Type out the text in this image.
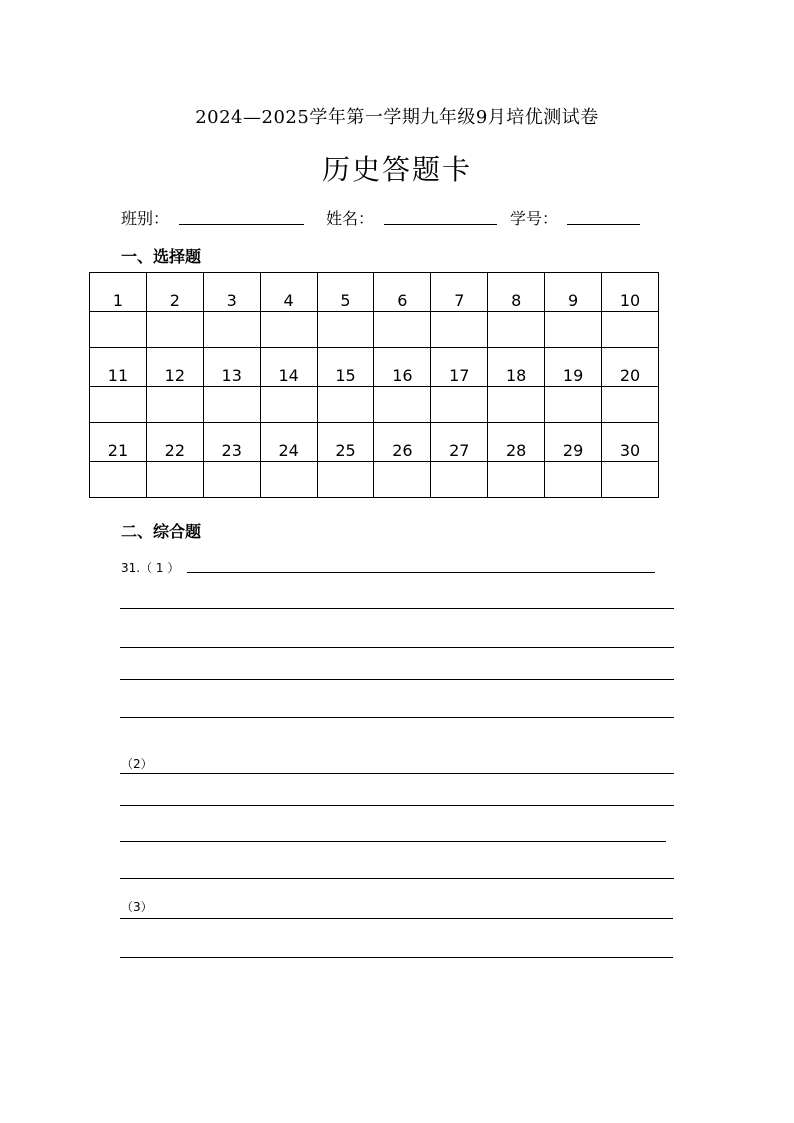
2024—2025学年第一学期九年级9月培优测试卷
历史答题卡
班别：	姓名：	学号：
一、选择题
1	2	3	4	5	6	7	8	9	10

11	12	13	14	15	16	17	18	19	20

21	22	23	24	25	26	27	28	29	30

二、综合题
31.（ 1 ）
（2）
（3）
